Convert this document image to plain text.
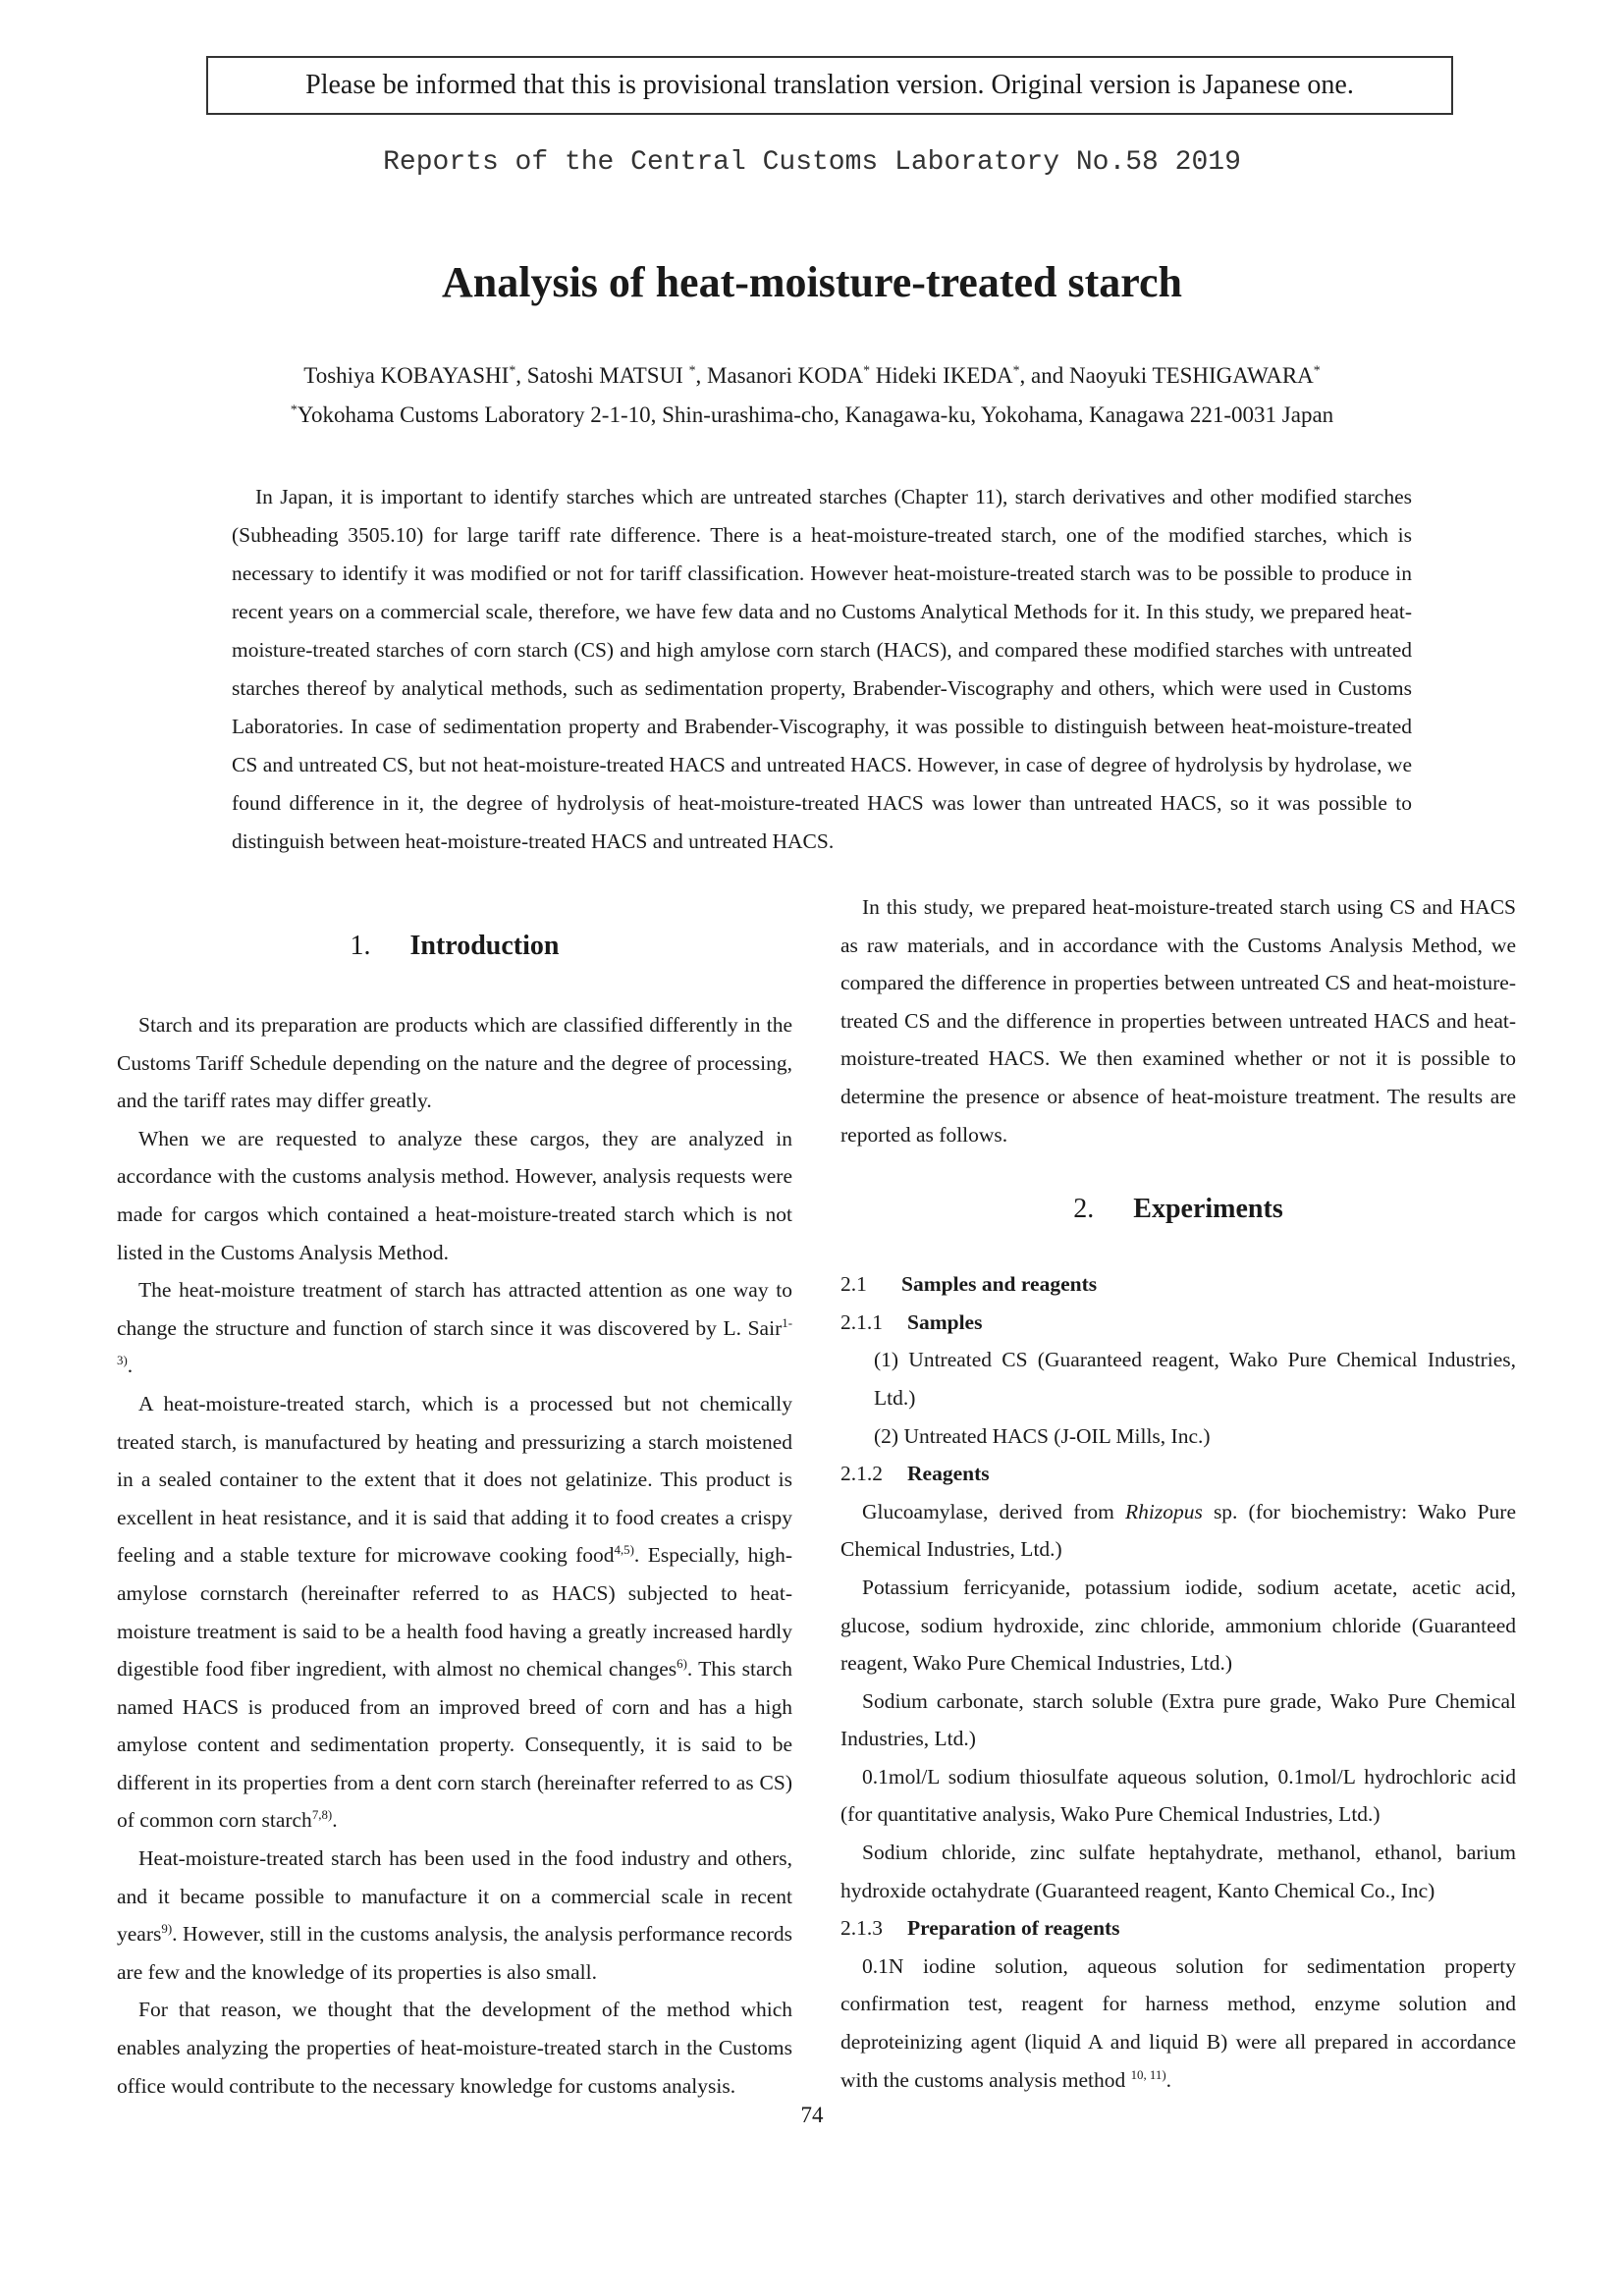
Please be informed that this is provisional translation version. Original version is Japanese one.
Reports of the Central Customs Laboratory No.58 2019
Analysis of heat-moisture-treated starch
Toshiya KOBAYASHI*, Satoshi MATSUI *, Masanori KODA* Hideki IKEDA*, and Naoyuki TESHIGAWARA*
*Yokohama Customs Laboratory 2-1-10, Shin-urashima-cho, Kanagawa-ku, Yokohama, Kanagawa 221-0031 Japan

In Japan, it is important to identify starches which are untreated starches (Chapter 11), starch derivatives and other modified starches (Subheading 3505.10) for large tariff rate difference. There is a heat-moisture-treated starch, one of the modified starches, which is necessary to identify it was modified or not for tariff classification. However heat-moisture-treated starch was to be possible to produce in recent years on a commercial scale, therefore, we have few data and no Customs Analytical Methods for it. In this study, we prepared heat-moisture-treated starches of corn starch (CS) and high amylose corn starch (HACS), and compared these modified starches with untreated starches thereof by analytical methods, such as sedimentation property, Brabender-Viscography and others, which were used in Customs Laboratories. In case of sedimentation property and Brabender-Viscography, it was possible to distinguish between heat-moisture-treated CS and untreated CS, but not heat-moisture-treated HACS and untreated HACS. However, in case of degree of hydrolysis by hydrolase, we found difference in it, the degree of hydrolysis of heat-moisture-treated HACS was lower than untreated HACS, so it was possible to distinguish between heat-moisture-treated HACS and untreated HACS.

1. Introduction

Starch and its preparation are products which are classified differently in the Customs Tariff Schedule depending on the nature and the degree of processing, and the tariff rates may differ greatly.

When we are requested to analyze these cargos, they are analyzed in accordance with the customs analysis method. However, analysis requests were made for cargos which contained a heat-moisture-treated starch which is not listed in the Customs Analysis Method.

The heat-moisture treatment of starch has attracted attention as one way to change the structure and function of starch since it was discovered by L. Sair$^{1-3)}$.

A heat-moisture-treated starch, which is a processed but not chemically treated starch, is manufactured by heating and pressurizing a starch moistened in a sealed container to the extent that it does not gelatinize. This product is excellent in heat resistance, and it is said that adding it to food creates a crispy feeling and a stable texture for microwave cooking food$^{4,5)}$. Especially, high-amylose cornstarch (hereinafter referred to as HACS) subjected to heat-moisture treatment is said to be a health food having a greatly increased hardly digestible food fiber ingredient, with almost no chemical changes$^{6)}$. This starch named HACS is produced from an improved breed of corn and has a high amylose content and sedimentation property. Consequently, it is said to be different in its properties from a dent corn starch (hereinafter referred to as CS) of common corn starch$^{7,8)}$.

Heat-moisture-treated starch has been used in the food industry and others, and it became possible to manufacture it on a commercial scale in recent years$^{9)}$. However, still in the customs analysis, the analysis performance records are few and the knowledge of its properties is also small.

For that reason, we thought that the development of the method which enables analyzing the properties of heat-moisture-treated starch in the Customs office would contribute to the necessary knowledge for customs analysis.

In this study, we prepared heat-moisture-treated starch using CS and HACS as raw materials, and in accordance with the Customs Analysis Method, we compared the difference in properties between untreated CS and heat-moisture-treated CS and the difference in properties between untreated HACS and heat-moisture-treated HACS. We then examined whether or not it is possible to determine the presence or absence of heat-moisture treatment. The results are reported as follows.

2. Experiments
2.1 Samples and reagents
2.1.1 Samples

(1) Untreated CS (Guaranteed reagent, Wako Pure Chemical Industries, Ltd.)

(2) Untreated HACS (J-OIL Mills, Inc.)

2.1.2 Reagents

Glucoamylase, derived from Rhizopus sp. (for biochemistry: Wako Pure Chemical Industries, Ltd.)

Potassium ferricyanide, potassium iodide, sodium acetate, acetic acid, glucose, sodium hydroxide, zinc chloride, ammonium chloride (Guaranteed reagent, Wako Pure Chemical Industries, Ltd.)

Sodium carbonate, starch soluble (Extra pure grade, Wako Pure Chemical Industries, Ltd.)

0.1mol/L sodium thiosulfate aqueous solution, 0.1mol/L hydrochloric acid (for quantitative analysis, Wako Pure Chemical Industries, Ltd.)

Sodium chloride, zinc sulfate heptahydrate, methanol, ethanol, barium hydroxide octahydrate (Guaranteed reagent, Kanto Chemical Co., Inc)

2.1.3 Preparation of reagents

0.1N iodine solution, aqueous solution for sedimentation property confirmation test, reagent for harness method, enzyme solution and deproteinizing agent (liquid A and liquid B) were all prepared in accordance with the customs analysis method $^{10, 11)}$.

74
